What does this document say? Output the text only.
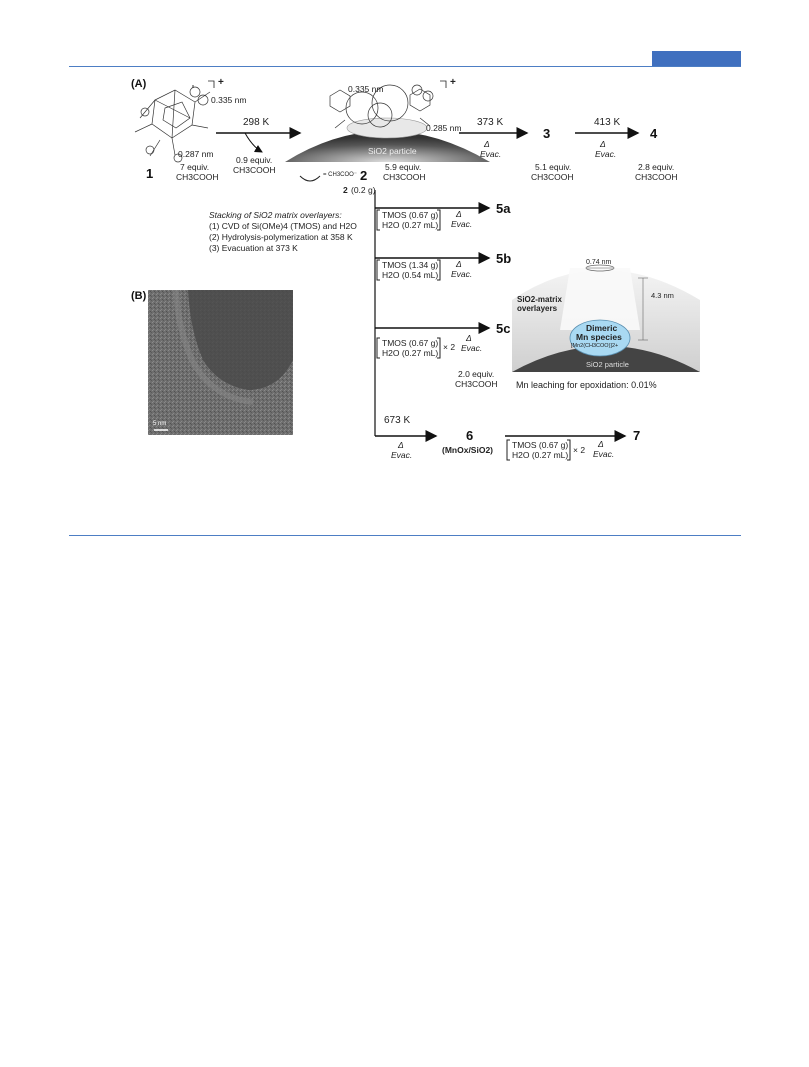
(A)
(B)
+	+
0.335 nm
0.287 nm
0.335 nm
0.285 nm
298 K	373 K	413 K
673 K
Δ
Evac.
Δ
Evac.
1	7 equiv.
CH3COOH
0.9 equiv.
CH3COOH
SiO2 particle
= CH3COO⁻
5.9 equiv.
CH3COOH
2
3
5.1 equiv.
CH3COOH
4
2.8 equiv.
CH3COOH
2 (0.2 g)
Stacking of SiO2 matrix overlayers:
(1) CVD of Si(OMe)4 (TMOS) and H2O
(2) Hydrolysis-polymerization at 358 K
(3) Evacuation at 373 K
TMOS (0.67 g)
H2O (0.27 mL)
Δ
Evac.
5a
TMOS (1.34 g)
H2O (0.54 mL)
Δ
Evac.
5b
TMOS (0.67 g)
H2O (0.27 mL)
× 2
Δ
Evac.
5c
2.0 equiv.
CH3COOH
Δ
Evac.
6
(MnOx/SiO2) TMOS (0.67 g)
H2O (0.27 mL) × 2
Δ
Evac.
7
0.74 nm
4.3 nm
SiO2-matrix overlayers
Dimeric
Mn species
[Mn2(CH3COO)]2+
SiO2 particle
Mn leaching for epoxidation: 0.01%
5 nm
